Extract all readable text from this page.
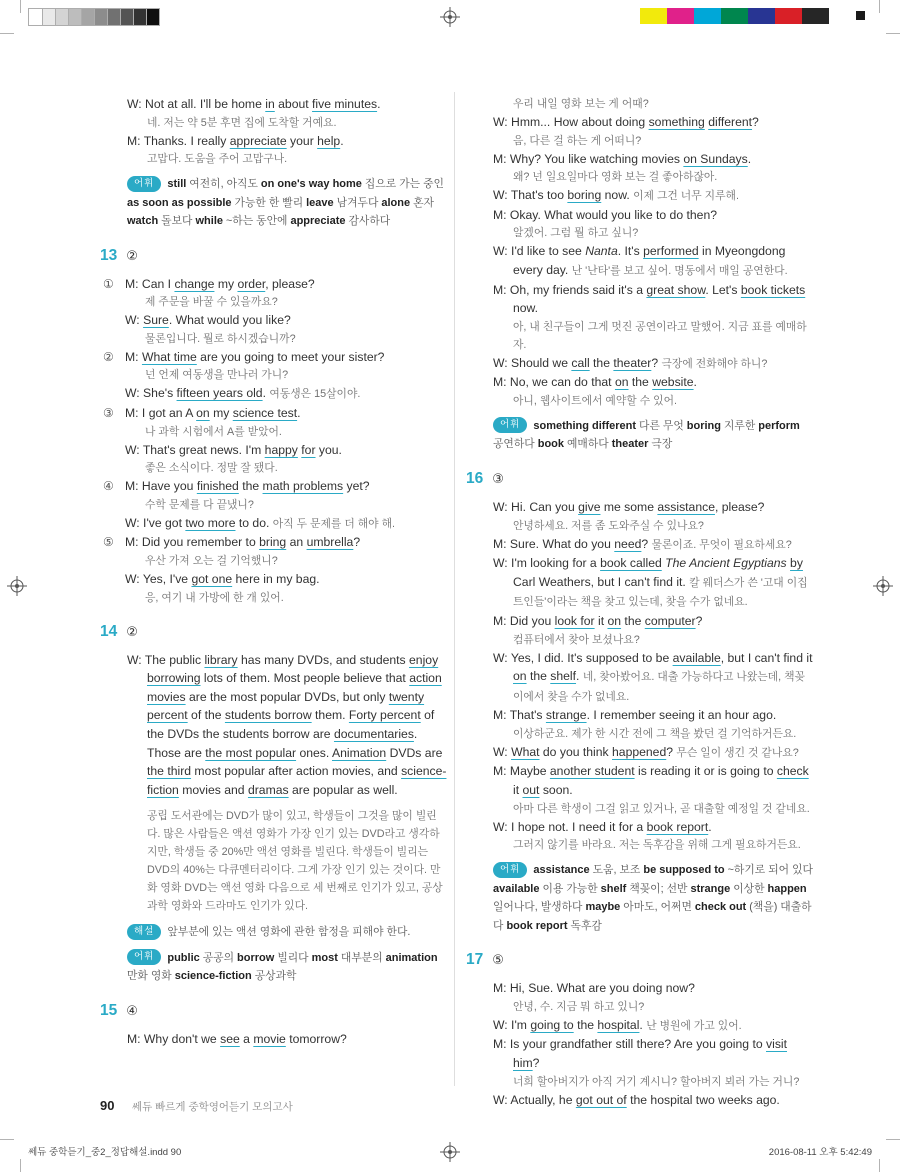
W: Not at all. I'll be home in about five minutes.
네. 저는 약 5분 후면 집에 도착할 거예요.
M: Thanks. I really appreciate your help.
고맙다. 도움을 주어 고맙구나.
어휘 still 여전히, 아직도 on one's way home 집으로 가는 중인 as soon as possible 가능한 한 빨리 leave 남겨두다 alone 혼자 watch 돌보다 while ~하는 동안에 appreciate 감사하다
13 ②
① M: Can I change my order, please?
제 주문을 바꿀 수 있을까요?
W: Sure. What would you like?
물론입니다. 뭘로 하시겠습니까?
② M: What time are you going to meet your sister?
넌 언제 여동생을 만나러 가니?
W: She's fifteen years old. 여동생은 15살이야.
③ M: I got an A on my science test.
나 과학 시험에서 A를 받았어.
W: That's great news. I'm happy for you.
좋은 소식이다. 정말 잘 됐다.
④ M: Have you finished the math problems yet?
수학 문제를 다 끝냈니?
W: I've got two more to do. 아직 두 문제를 더 해야 해.
⑤ M: Did you remember to bring an umbrella?
우산 가져 오는 걸 기억했니?
W: Yes, I've got one here in my bag.
응, 여기 내 가방에 한 개 있어.
14 ②
W: The public library has many DVDs, and students enjoy borrowing lots of them. Most people believe that action movies are the most popular DVDs, but only twenty percent of the students borrow them. Forty percent of the DVDs the students borrow are documentaries. Those are the most popular ones. Animation DVDs are the third most popular after action movies, and science-fiction movies and dramas are popular as well.
공립 도서관에는 DVD가 많이 있고, 학생들이 그것을 많이 빌린다. 많은 사람들은 액션 영화가 가장 인기 있는 DVD라고 생각하지만, 학생들 중 20%만 액션 영화를 빌린다. 학생들이 빌리는 DVD의 40%는 다큐멘터리이다. 그게 가장 인기 있는 것이다. 만화 영화 DVD는 액션 영화 다음으로 세 번째로 인기가 있고, 공상과학 영화와 드라마도 인기가 있다.
해설 앞부분에 있는 액션 영화에 관한 함정을 피해야 한다.
어휘 public 공공의 borrow 빌리다 most 대부분의 animation 만화 영화 science-fiction 공상과학
15 ④
M: Why don't we see a movie tomorrow?
우리 내일 영화 보는 게 어때?
W: Hmm... How about doing something different?
음, 다른 걸 하는 게 어떠니?
M: Why? You like watching movies on Sundays.
왜? 넌 일요일마다 영화 보는 걸 좋아하잖아.
W: That's too boring now. 이제 그건 너무 지루해.
M: Okay. What would you like to do then?
알겠어. 그럼 뭘 하고 싶니?
W: I'd like to see Nanta. It's performed in Myeongdong every day. 난 '난타'를 보고 싶어. 명동에서 매일 공연한다.
M: Oh, my friends said it's a great show. Let's book tickets now.
아, 내 친구들이 그게 멋진 공연이라고 말했어. 지금 표를 예매하자.
W: Should we call the theater? 극장에 전화해야 하니?
M: No, we can do that on the website.
아니, 웹사이트에서 예약할 수 있어.
어휘 something different 다른 무엇 boring 지루한 perform 공연하다 book 예매하다 theater 극장
16 ③
W: Hi. Can you give me some assistance, please?
안녕하세요. 저를 좀 도와주실 수 있나요?
M: Sure. What do you need? 물론이죠. 무엇이 필요하세요?
W: I'm looking for a book called The Ancient Egyptians by Carl Weathers, but I can't find it. 칼 웨더스가 쓴 '고대 이집트인들'이라는 책을 찾고 있는데, 찾을 수가 없네요.
M: Did you look for it on the computer?
컴퓨터에서 찾아 보셨나요?
W: Yes, I did. It's supposed to be available, but I can't find it on the shelf. 네, 찾아봤어요. 대출 가능하다고 나왔는데, 책꽂이에서 찾을 수가 없네요.
M: That's strange. I remember seeing it an hour ago.
이상하군요. 제가 한 시간 전에 그 책을 봤던 걸 기억하거든요.
W: What do you think happened? 무슨 일이 생긴 것 같나요?
M: Maybe another student is reading it or is going to check it out soon.
아마 다른 학생이 그걸 읽고 있거나, 곧 대출할 예정일 것 같네요.
W: I hope not. I need it for a book report.
그러지 않기를 바라요. 저는 독후감을 위해 그게 필요하거든요.
어휘 assistance 도움, 보조 be supposed to ~하기로 되어 있다 available 이용 가능한 shelf 책꽂이; 선반 strange 이상한 happen 일어나다, 발생하다 maybe 아마도, 어쩌면 check out (책을) 대출하다 book report 독후감
17 ⑤
M: Hi, Sue. What are you doing now?
안녕, 수. 지금 뭐 하고 있니?
W: I'm going to the hospital. 난 병원에 가고 있어.
M: Is your grandfather still there? Are you going to visit him?
너희 할아버지가 아직 거기 계시니? 할아버지 뵈러 가는 거니?
W: Actually, he got out of the hospital two weeks ago.
90 쎄듀 빠르게 중학영어듣기 모의고사
쎄듀 중학듣기_중2_정답해설.indd 90	2016-08-11 오후 5:42:49
